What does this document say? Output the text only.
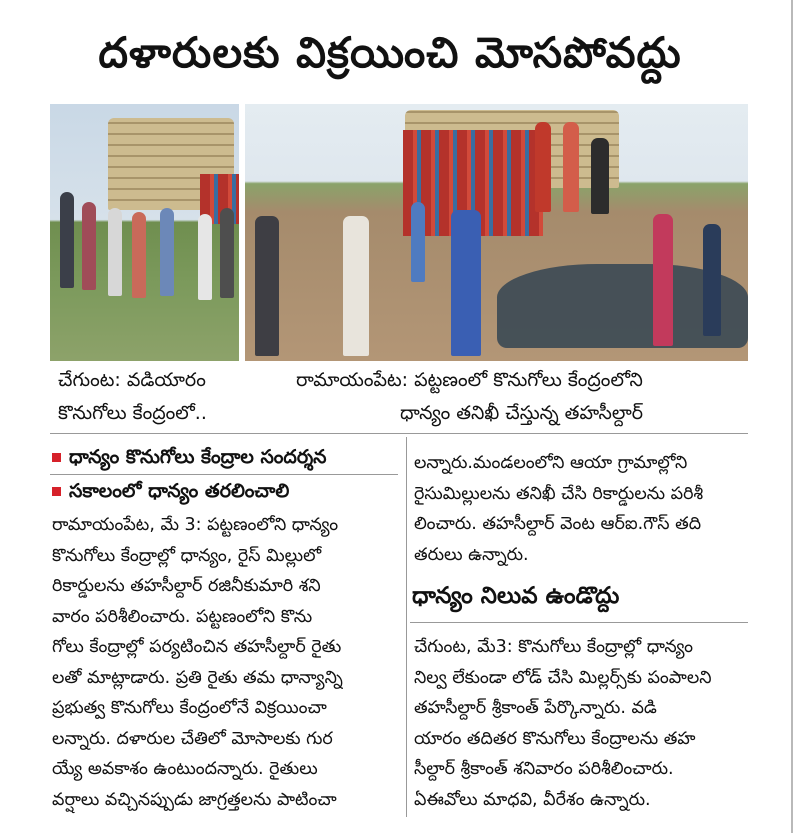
దళారులకు విక్రయించి మోసపోవద్దు
చేగుంట: వడియారం
కొనుగోలు కేంద్రంలో..
రామాయంపేట: పట్టణంలో కొనుగోలు కేంద్రంలోని
ధాన్యం తనిఖీ చేస్తున్న తహసీల్దార్
ధాన్యం కొనుగోలు కేంద్రాల సందర్శన
సకాలంలో ధాన్యం తరలించాలి
రామాయంపేట, మే 3: పట్టణంలోని ధాన్యం
కొనుగోలు కేంద్రాల్లో ధాన్యం, రైస్ మిల్లులో
రికార్డులను తహసీల్దార్ రజినీకుమారి శని
వారం పరిశీలించారు. పట్టణంలోని కొను
గోలు కేంద్రాల్లో పర్యటించిన తహసీల్దార్ రైతు
లతో మాట్లాడారు. ప్రతి రైతు తమ ధాన్యాన్ని
ప్రభుత్వ కొనుగోలు కేంద్రంలోనే విక్రయించా
లన్నారు. దళారుల చేతిలో మోసాలకు గుర
య్యే అవకాశం ఉంటుందన్నారు. రైతులు
వర్షాలు వచ్చినప్పుడు జాగ్రత్తలను పాటించా
లన్నారు.మండలంలోని ఆయా గ్రామాల్లోని
రైసుమిల్లులను తనిఖీ చేసి రికార్డులను పరిశీ
లించారు. తహసీల్దార్ వెంట ఆర్ఐ.గౌస్ తది
తరులు ఉన్నారు.
ధాన్యం నిలువ ఉండొద్దు
చేగుంట, మే3: కొనుగోలు కేంద్రాల్లో ధాన్యం
నిల్వ లేకుండా లోడ్ చేసి మిల్లర్స్‌కు పంపాలని
తహసీల్దార్ శ్రీకాంత్ పేర్కొన్నారు. వడి
యారం తదితర కొనుగోలు కేంద్రాలను తహ
సీల్దార్ శ్రీకాంత్ శనివారం పరిశీలించారు.
ఏఈవోలు మాధవి, వీరేశం ఉన్నారు.
